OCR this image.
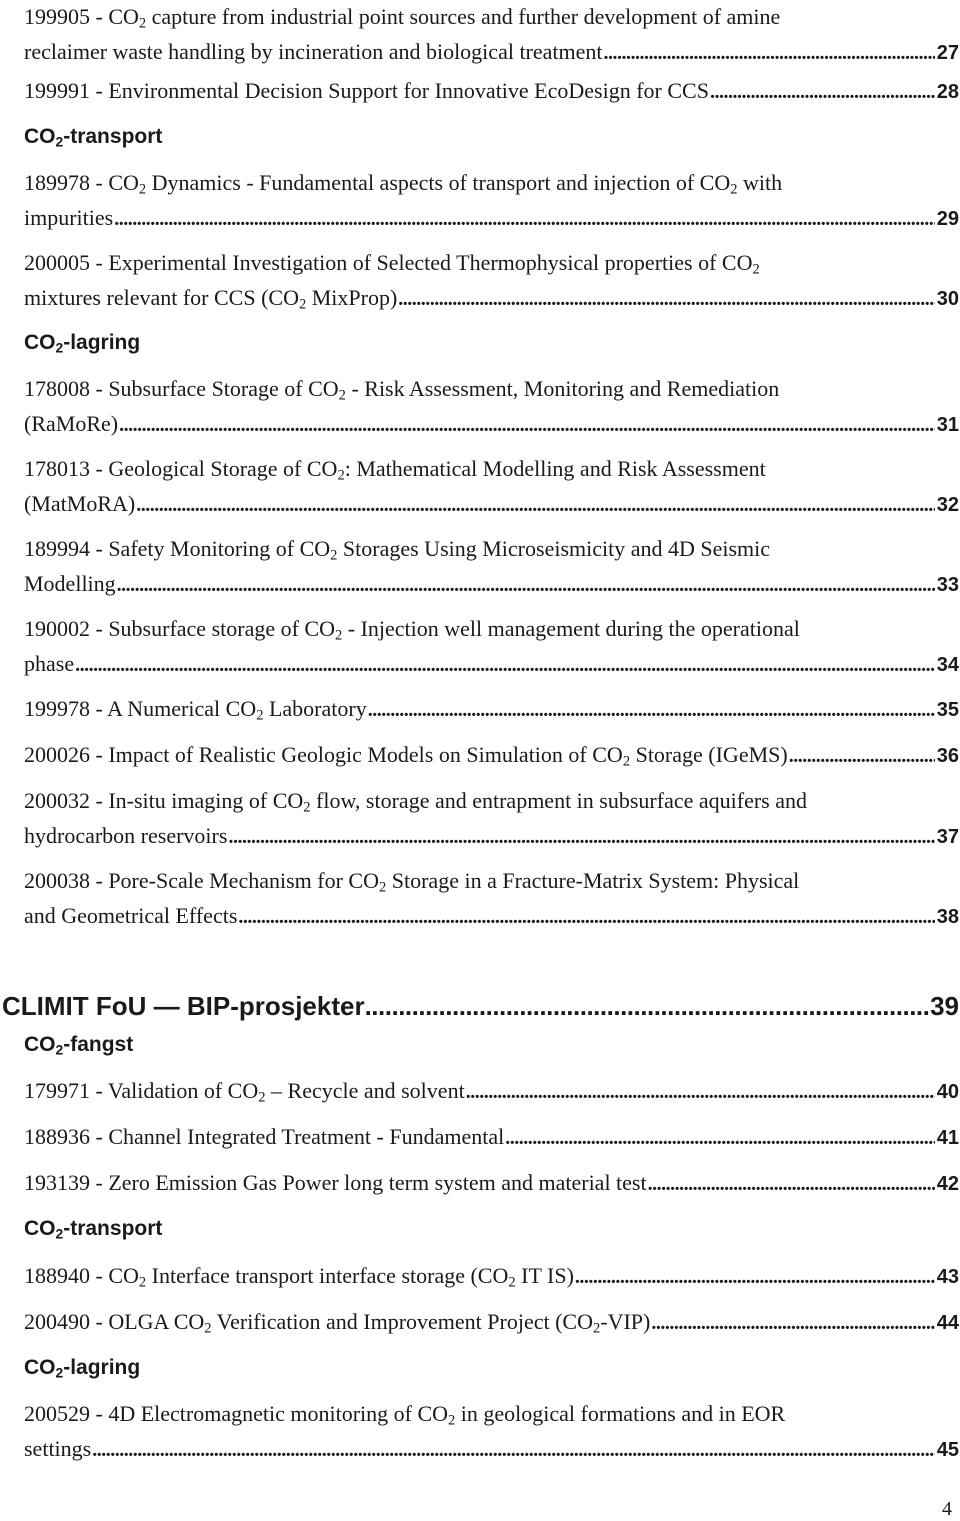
$199905 - CO_2$ capture from industrial point sources and further development of amine
reclaimer waste handling by incineration and biological treatment .....	27
199991 - Environmental Decision Support for Innovative EcoDesign for CCS .....	28
$CO_2$-transport
$189978 - CO_2$ Dynamics - Fundamental aspects of transport and injection of $CO_2$ with
impurities .....	29
200005 - Experimental Investigation of Selected Thermophysical properties of $CO_2$
mixtures relevant for CCS ($CO_2$ MixProp) .....	30
$CO_2$-lagring
178008 - Subsurface Storage of $CO_2$ - Risk Assessment, Monitoring and Remediation
(RaMoRe) .....	31
178013 - Geological Storage of $CO_2$: Mathematical Modelling and Risk Assessment
(MatMoRA) .....	32
189994 - Safety Monitoring of $CO_2$ Storages Using Microseismicity and 4D Seismic
Modelling .....	33
190002 - Subsurface storage of $CO_2$ - Injection well management during the operational
phase .....	34
199978 - A Numerical $CO_2$ Laboratory .....	35
200026 - Impact of Realistic Geologic Models on Simulation of $CO_2$ Storage (IGeMS) .....	36
200032 - In-situ imaging of $CO_2$ flow, storage and entrapment in subsurface aquifers and
hydrocarbon reservoirs .....	37
200038 - Pore-Scale Mechanism for $CO_2$ Storage in a Fracture-Matrix System: Physical
and Geometrical Effects .....	38
CLIMIT FoU — BIP-prosjekter .....	39
$CO_2$-fangst
179971 - Validation of $CO_2$ – Recycle and solvent .....	40
188936 - Channel Integrated Treatment - Fundamental .....	41
193139 - Zero Emission Gas Power long term system and material test .....	42
$CO_2$-transport
$188940 - CO_2$ Interface transport interface storage ($CO_2$ IT IS) .....	43
200490 - OLGA $CO_2$ Verification and Improvement Project $(CO_2-VIP)$ .....	44
$CO_2$-lagring
200529 - 4D Electromagnetic monitoring of $CO_2$ in geological formations and in EOR
settings .....	45
4
